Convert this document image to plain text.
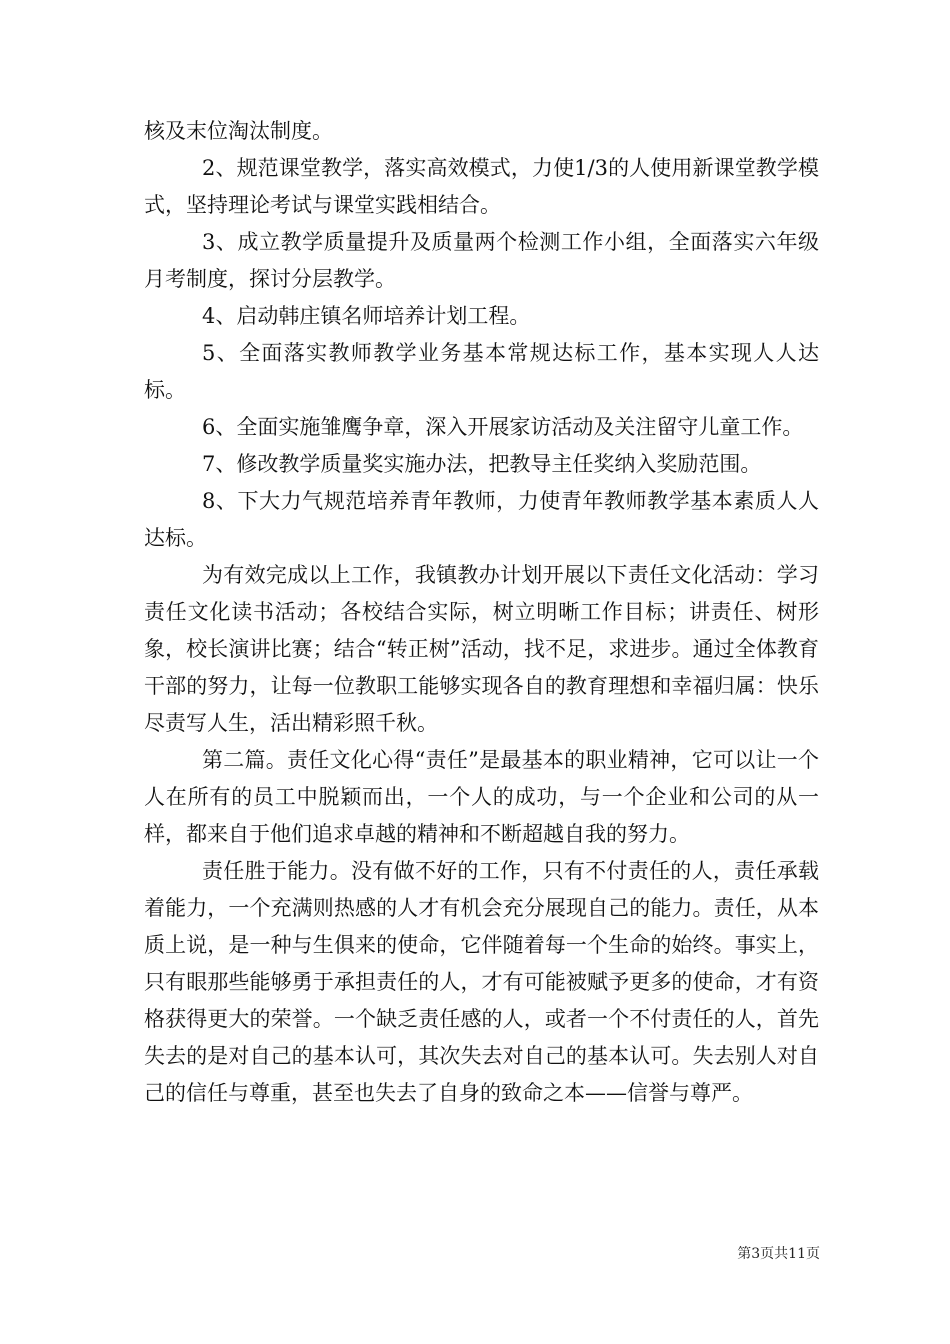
核及末位淘汰制度。

2、规范课堂教学，落实高效模式，力使1/3的人使用新课堂教学模式，坚持理论考试与课堂实践相结合。

3、成立教学质量提升及质量两个检测工作小组，全面落实六年级月考制度，探讨分层教学。

4、启动韩庄镇名师培养计划工程。

5、全面落实教师教学业务基本常规达标工作，基本实现人人达标。

6、全面实施雏鹰争章，深入开展家访活动及关注留守儿童工作。

7、修改教学质量奖实施办法，把教导主任奖纳入奖励范围。

8、下大力气规范培养青年教师，力使青年教师教学基本素质人人达标。

为有效完成以上工作，我镇教办计划开展以下责任文化活动：学习责任文化读书活动；各校结合实际，树立明晰工作目标；讲责任、树形象，校长演讲比赛；结合“转正树”活动，找不足，求进步。通过全体教育干部的努力，让每一位教职工能够实现各自的教育理想和幸福归属：快乐尽责写人生，活出精彩照千秋。

第二篇。责任文化心得“责任”是最基本的职业精神，它可以让一个人在所有的员工中脱颖而出，一个人的成功，与一个企业和公司的从一样，都来自于他们追求卓越的精神和不断超越自我的努力。

责任胜于能力。没有做不好的工作，只有不付责任的人，责任承载着能力，一个充满则热感的人才有机会充分展现自己的能力。责任，从本质上说，是一种与生俱来的使命，它伴随着每一个生命的始终。事实上，只有眼那些能够勇于承担责任的人，才有可能被赋予更多的使命，才有资格获得更大的荣誉。一个缺乏责任感的人，或者一个不付责任的人，首先失去的是对自己的基本认可，其次失去对自己的基本认可。失去别人对自己的信任与尊重，甚至也失去了自身的致命之本——信誉与尊严。

第3页共11页
